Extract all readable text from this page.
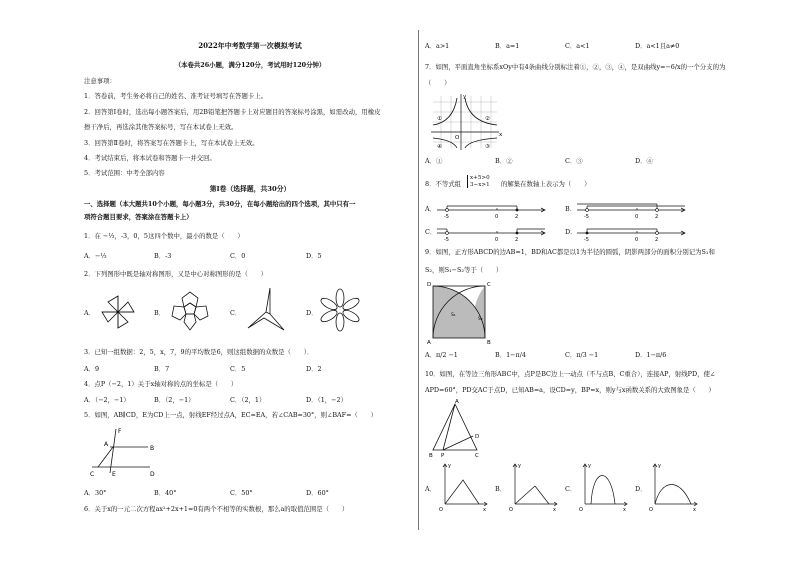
2022年中考数学第一次模拟考试
（本卷共26小题，满分120分，考试用时120分钟）
注意事项：
1．答卷前，考生务必将自己的姓名、准考证号填写在答题卡上。
2．回答第Ⅰ卷时，选出每小题答案后，用2B铅笔把答题卡上对应题目的答案标号涂黑，如需改动，用橡皮
擦干净后，再选涂其他答案标号，写在本试卷上无效。
3．回答第Ⅱ卷时，将答案写在答题卡上，写在本试卷上无效。
4．考试结束后，将本试卷和答题卡一并交回。
5．考试范围：中考全部内容
第Ⅰ卷（选择题，共30分）
一、选择题（本大题共10个小题，每小题3分，共30分，在每小题给出的四个选项，其中只有一
项符合题目要求，答案涂在答题卡上）
1．在 −⅓，-3，0，5这四个数中，最小的数是（　　）
A．−⅓	B．-3	C．0	D．5
2．下列图形中既是轴对称图形，又是中心对称图形的是（　　）
A．	B．	C．	D．
3．已知一组数据：2，5，x，7，9的平均数是6，则这组数据的众数是（　　）．
A．9	B．7	C．5	D．2
4．点P（−2，1）关于x轴对称的点的坐标是（　　）
A．（−2，−1）	B．（2，−1）	C．（2，1）	D．（1，−2）
5．如图，AB∥CD，E为CD上一点，射线EF经过点A，EC=EA，若∠CAB=30°，则∠BAF=（　　）
F
A
B
C	E	D
A．30°	B．40°	C．50°	D．60°
6．关于x的一元二次方程ax²+2x+1=0有两个不相等的实数根，那么a的取值范围是（　　）
A．a>1	B．a=1	C．a<1	D．a<1且a≠0
7．如图，平面直角坐标系xOy中有4条曲线分别标注着①，②，③，④，是双曲线y=−6/x的一个分支的为
（　　）
x
y
O
①	②
③
④
A．①	B．②	C．③	D．④
8．不等式组
x+5>0
3−x>1 的解集在数轴上表示为（　　）
A．	B．
C．	D．
-5	0	2	-5	0	2
-5	0	2	-5	0	2
9．如图，正方形ABCD的边AB=1，BD和AC都是以1为半径的圆弧，阴影两部分的面积分别记为S₁和
S₂，则S₁−S₂等于（　　）
D	C
A	B
S₁
S₂
A．π/2 −1	B．1−π/4	C．π/3 −1	D．1−π/6
10．如图，在等边三角形ABC中，点P是BC边上一动点（不与点B、C重合），连接AP，射线PD，使∠
APD=60°，PD交AC于点D，已知AB=a，设CD=y，BP=x，则y与x函数关系的大致图象是（　　）
A
B P	C
D
A．	B．	C．	D．
y
x
O
y
x
O
y
x
O
y
x
O
